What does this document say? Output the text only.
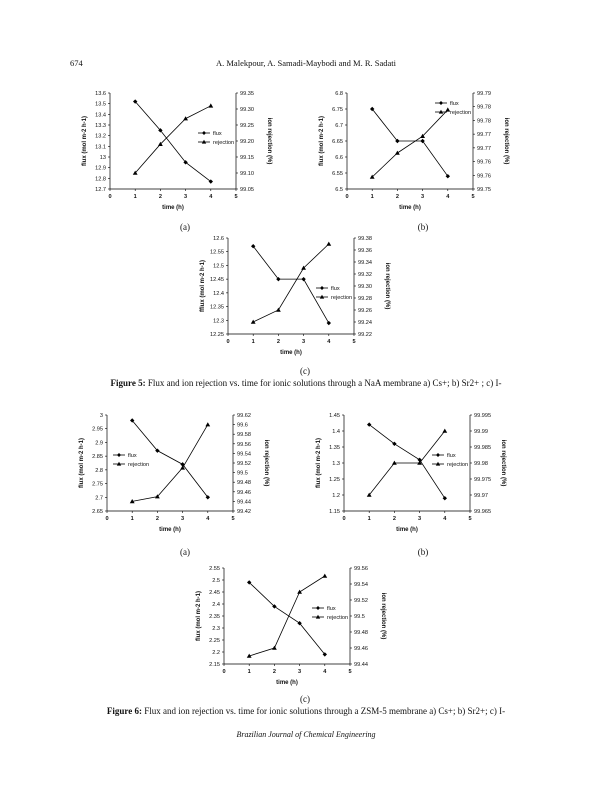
674	A. Malekpour, A. Samadi-Maybodi and M. R. Sadati
12.7
12.8
12.9
13
13.1
13.2
13.3
13.4
13.5
13.6
99.05
99.10
99.15
99.20
99.25
99.30
99.35
0	1	2	3	4	5
time (h)
flux (mol m-2 h-1)	ion rejection (%)
flux
rejection
6.5
6.55
6.6
6.65
6.7
6.75
6.8
99.75
99.76
99.76
99.77
99.77
99.78
99.78
99.79
0	1	2	3	4	5
time (h)
flux (mol m-2 h-1)	ion rejection (%)
flux
rejection
12.25
12.3
12.35
12.4
12.45
12.5
12.55
12.6
99.22
99.24
99.26
99.28
99.30
99.32
99.34
99.36
99.38
0	1	2	3	4	5
time (h)
fflux (mol m-2 h-1)	ion rejection (%)
flux
rejection
(a)	(b)
(c)
Figure 5: Flux and ion rejection vs. time for ionic solutions through a NaA membrane a) Cs+; b) Sr2+ ; c) I-
2.65
2.7
2.75
2.8
2.85
2.9
2.95
3
99.42
99.44
99.46
99.48
99.5
99.52
99.54
99.56
99.58
99.6
99.62
0	1	2	3	4	5
time (h)
flux (mol m-2 h-1)	ion rejection (%)
flux
rejection
1.15
1.2
1.25
1.3
1.35
1.4
1.45
99.965
99.97
99.975
99.98
99.985
99.99
99.995
0	1	2	3	4	5
time (h)
flux (mol m-2 h-1)	ion rejection (%)
flux
rejection
2.15
2.2
2.25
2.3
2.35
2.4
2.45
2.5
2.55
99.44
99.46
99.48
99.5
99.52
99.54
99.56
0	1	2	3	4	5
time (h)
flux (mol m-2 h-1)	ion rejection (%)
flux
rejection
(a)	(b)
(c)
Figure 6: Flux and ion rejection vs. time for ionic solutions through a ZSM-5 membrane a) Cs+; b) Sr2+; c) I-
Brazilian Journal of Chemical Engineering
